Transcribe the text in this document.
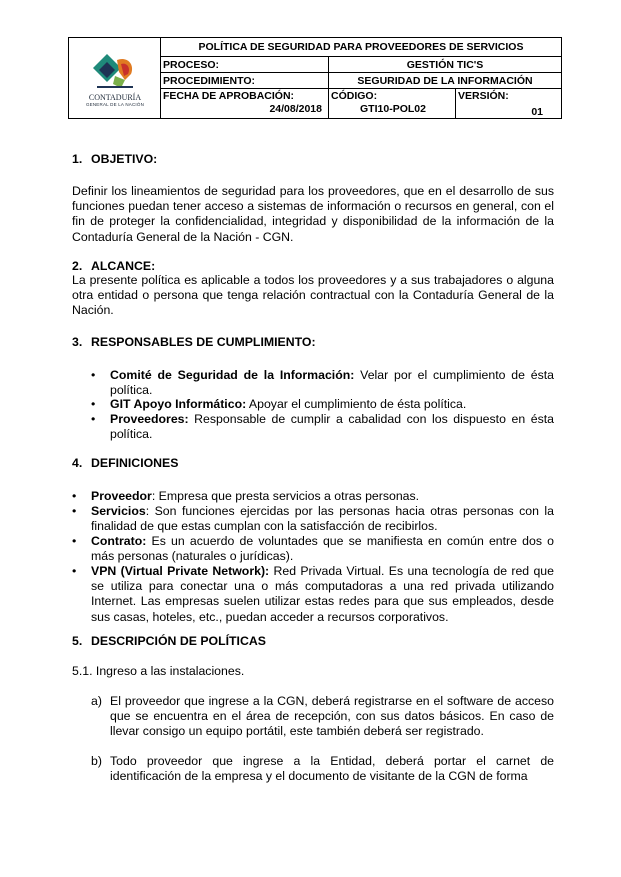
CONTADURÍA
GENERAL DE LA NACIÓN
POLÍTICA DE SEGURIDAD PARA PROVEEDORES DE SERVICIOS
PROCESO:	GESTIÓN TIC'S
PROCEDIMIENTO:	SEGURIDAD DE LA INFORMACIÓN
FECHA DE APROBACIÓN:
24/08/2018
CÓDIGO:
GTI10-POL02
VERSIÓN:
01
1. OBJETIVO:
Definir los lineamientos de seguridad para los proveedores, que en el desarrollo de sus funciones puedan tener acceso a sistemas de información o recursos en general, con el fin de proteger la confidencialidad, integridad y disponibilidad de la información de la Contaduría General de la Nación - CGN.
2. ALCANCE:
La presente política es aplicable a todos los proveedores y a sus trabajadores o alguna otra entidad o persona que tenga relación contractual con la Contaduría General de la Nación.
3. RESPONSABLES DE CUMPLIMIENTO:
• Comité de Seguridad de la Información: Velar por el cumplimiento de ésta política.
• GIT Apoyo Informático: Apoyar el cumplimiento de ésta política.
• Proveedores: Responsable de cumplir a cabalidad con los dispuesto en ésta política.
4. DEFINICIONES
• Proveedor: Empresa que presta servicios a otras personas.
• Servicios: Son funciones ejercidas por las personas hacia otras personas con la finalidad de que estas cumplan con la satisfacción de recibirlos.
• Contrato: Es un acuerdo de voluntades que se manifiesta en común entre dos o más personas (naturales o jurídicas).
• VPN (Virtual Private Network): Red Privada Virtual. Es una tecnología de red que se utiliza para conectar una o más computadoras a una red privada utilizando Internet. Las empresas suelen utilizar estas redes para que sus empleados, desde sus casas, hoteles, etc., puedan acceder a recursos corporativos.
5. DESCRIPCIÓN DE POLÍTICAS
5.1. Ingreso a las instalaciones.
a) El proveedor que ingrese a la CGN, deberá registrarse en el software de acceso que se encuentra en el área de recepción, con sus datos básicos. En caso de llevar consigo un equipo portátil, este también deberá ser registrado.
b) Todo proveedor que ingrese a la Entidad, deberá portar el carnet de identificación de la empresa y el documento de visitante de la CGN de forma
